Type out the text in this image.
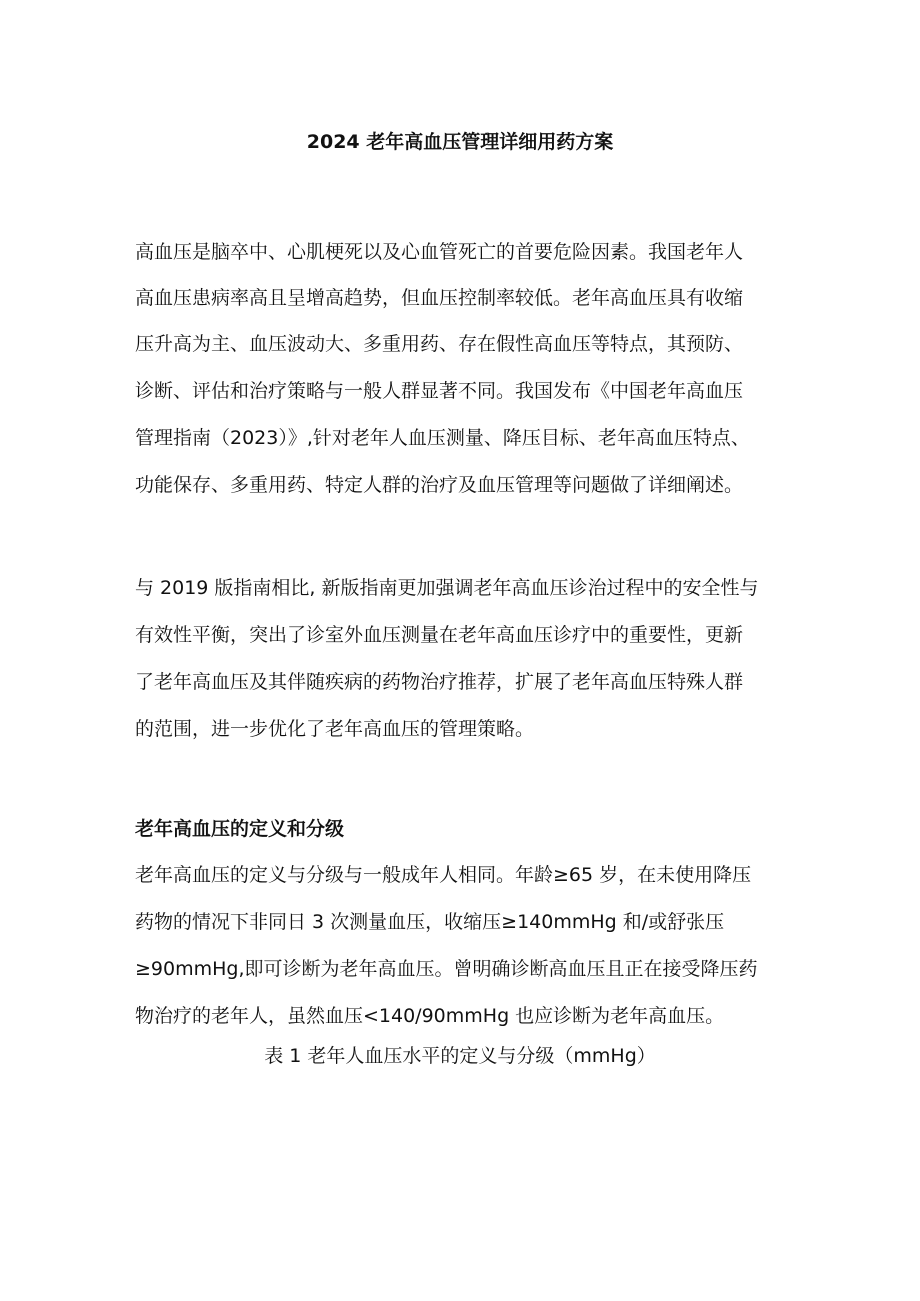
2024 老年高血压管理详细用药方案
高血压是脑卒中、心肌梗死以及心血管死亡的首要危险因素。我国老年人
高血压患病率高且呈增高趋势，但血压控制率较低。老年高血压具有收缩
压升高为主、血压波动大、多重用药、存在假性高血压等特点，其预防、
诊断、评估和治疗策略与一般人群显著不同。我国发布《中国老年高血压
管理指南（2023）》,针对老年人血压测量、降压目标、老年高血压特点、
功能保存、多重用药、特定人群的治疗及血压管理等问题做了详细阐述。
与 2019 版指南相比, 新版指南更加强调老年高血压诊治过程中的安全性与
有效性平衡，突出了诊室外血压测量在老年高血压诊疗中的重要性，更新
了老年高血压及其伴随疾病的药物治疗推荐，扩展了老年高血压特殊人群
的范围，进一步优化了老年高血压的管理策略。
老年高血压的定义和分级
老年高血压的定义与分级与一般成年人相同。年龄≥65 岁，在未使用降压
药物的情况下非同日 3 次测量血压，收缩压≥140mmHg 和/或舒张压
≥90mmHg,即可诊断为老年高血压。曾明确诊断高血压且正在接受降压药
物治疗的老年人，虽然血压<140/90mmHg 也应诊断为老年高血压。
表 1 老年人血压水平的定义与分级（mmHg）
